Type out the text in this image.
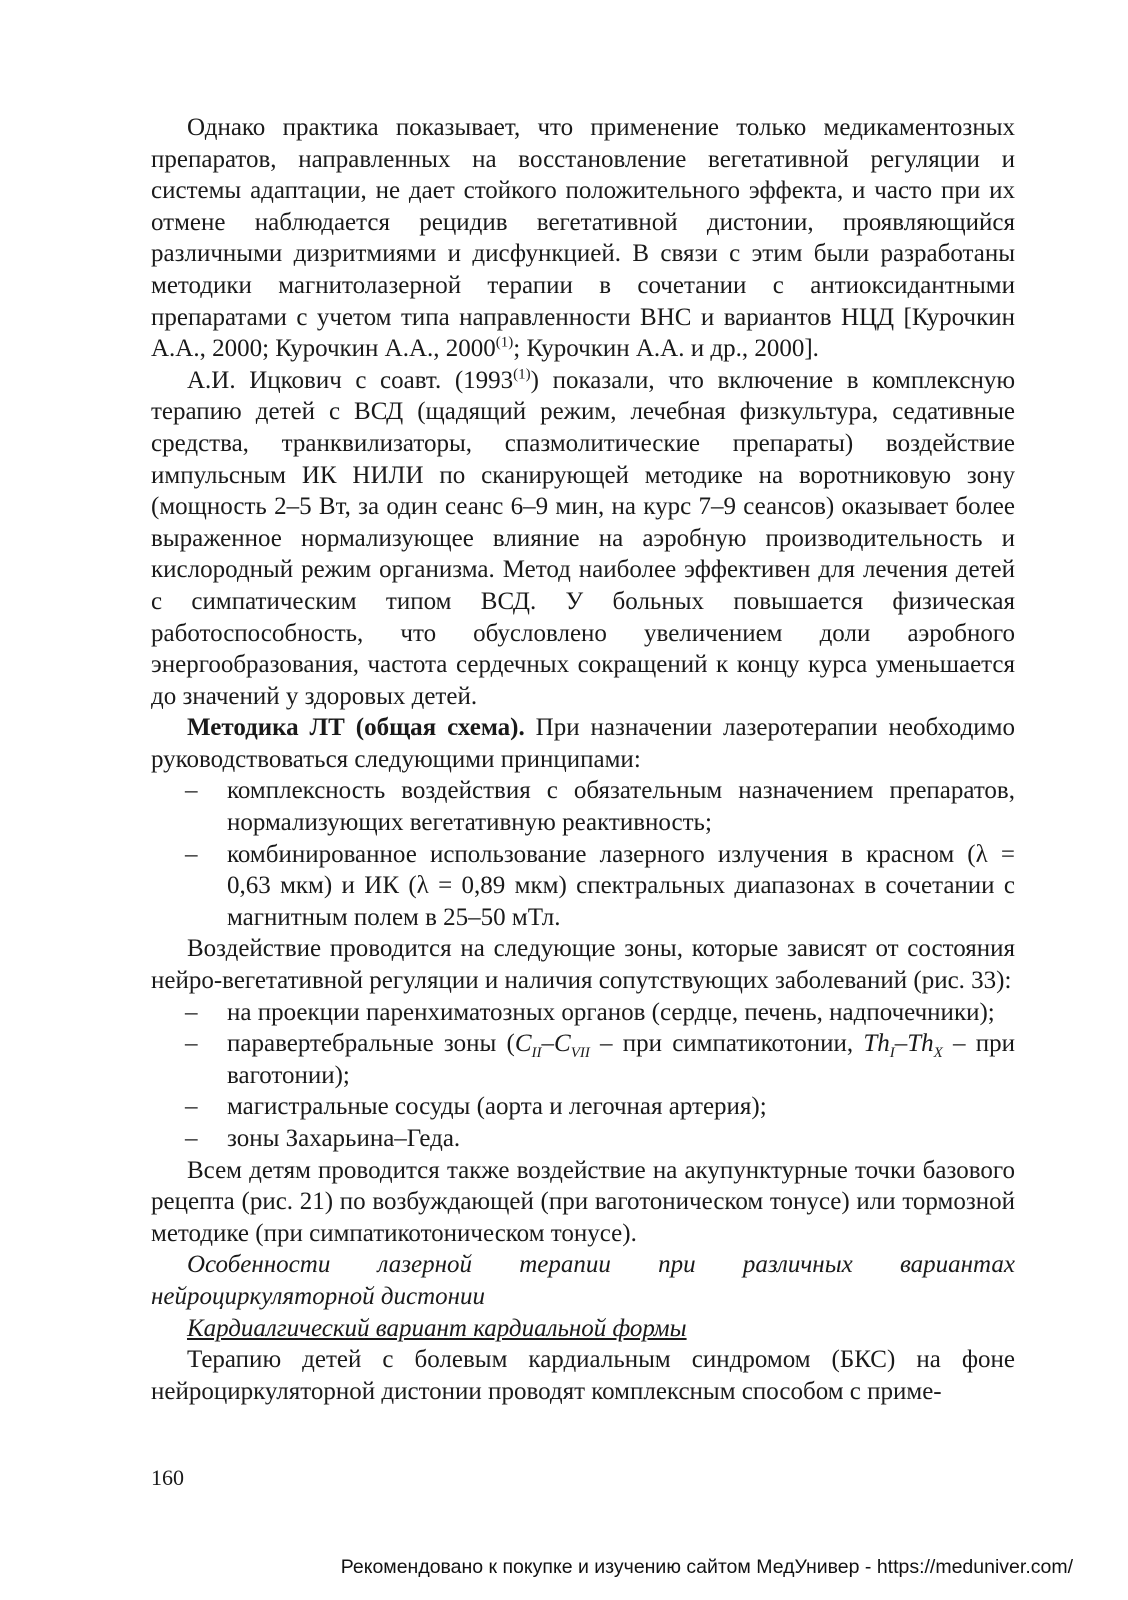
Однако практика показывает, что применение только медикаментозных препаратов, направленных на восстановление вегетативной регуляции и системы адаптации, не дает стойкого положительного эффекта, и часто при их отмене наблюдается рецидив вегетативной дистонии, проявляющийся различными дизритмиями и дисфункцией. В связи с этим были разработаны методики магнитолазерной терапии в сочетании с антиоксидантными препаратами с учетом типа направленности ВНС и вариантов НЦД [Курочкин А.А., 2000; Курочкин А.А., 2000$^{(1)}$; Курочкин А.А. и др., 2000].

А.И. Ицкович с соавт. (1993$^{(1)}$) показали, что включение в комплексную терапию детей с ВСД (щадящий режим, лечебная физкультура, седативные средства, транквилизаторы, спазмолитические препараты) воздействие импульсным ИК НИЛИ по сканирующей методике на воротниковую зону (мощность 2–5 Вт, за один сеанс 6–9 мин, на курс 7–9 сеансов) оказывает более выраженное нормализующее влияние на аэробную производительность и кислородный режим организма. Метод наиболее эффективен для лечения детей с симпатическим типом ВСД. У больных повышается физическая работоспособность, что обусловлено увеличением доли аэробного энергообразования, частота сердечных сокращений к концу курса уменьшается до значений у здоровых детей.

Методика ЛТ (общая схема). При назначении лазеротерапии необходимо руководствоваться следующими принципами:

– комплексность воздействия с обязательным назначением препаратов, нормализующих вегетативную реактивность;
– комбинированное использование лазерного излучения в красном (λ = 0,63 мкм) и ИК (λ = 0,89 мкм) спектральных диапазонах в сочетании с магнитным полем в 25–50 мТл.

Воздействие проводится на следующие зоны, которые зависят от состояния нейро-вегетативной регуляции и наличия сопутствующих заболеваний (рис. 33):

– на проекции паренхиматозных органов (сердце, печень, надпочечники);
– паравертебральные зоны ($C_{II}-C_{VII}$ – при симпатикотонии, $Th_I-Th_X$ – при ваготонии);
– магистральные сосуды (аорта и легочная артерия);
– зоны Захарьина–Геда.

Всем детям проводится также воздействие на акупунктурные точки базового рецепта (рис. 21) по возбуждающей (при ваготоническом тонусе) или тормозной методике (при симпатикотоническом тонусе).

Особенности лазерной терапии при различных вариантах нейроциркуляторной дистонии

Кардиалгический вариант кардиальной формы

Терапию детей с болевым кардиальным синдромом (БКС) на фоне нейроциркуляторной дистонии проводят комплексным способом с приме-

160
Рекомендовано к покупке и изучению сайтом МедУнивер - https://meduniver.com/
